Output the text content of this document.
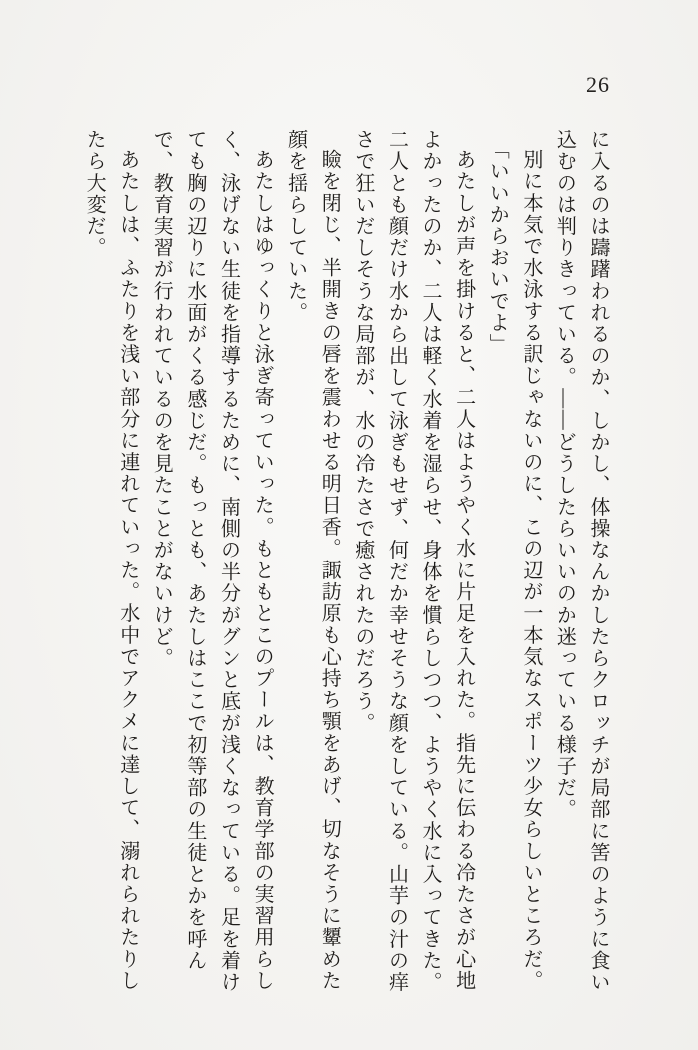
26

に入るのは躊躇われるのか、しかし、体操なんかしたらクロッチが局部に筈のように食い込むのは判りきっている。――どうしたらいいのか迷っている様子だ。

別に本気で水泳する訳じゃないのに、この辺が一本気なスポーツ少女らしいところだ。

「いいからおいでよ」

あたしが声を掛けると、二人はようやく水に片足を入れた。指先に伝わる冷たさが心地よかったのか、二人は軽く水着を湿らせ、身体を慣らしつつ、ようやく水に入ってきた。二人とも顔だけ水から出して泳ぎもせず、何だか幸せそうな顔をしている。山芋の汁の痒さで狂いだしそうな局部が、水の冷たさで癒されたのだろう。

瞼を閉じ、半開きの唇を震わせる明日香。諏訪原も心持ち顎をあげ、切なそうに顰めた顔を揺らしていた。

あたしはゆっくりと泳ぎ寄っていった。もともとこのプールは、教育学部の実習用らしく、泳げない生徒を指導するために、南側の半分がグンと底が浅くなっている。足を着けても胸の辺りに水面がくる感じだ。もっとも、あたしはここで初等部の生徒とかを呼んで、教育実習が行われているのを見たことがないけど。

あたしは、ふたりを浅い部分に連れていった。水中でアクメに達して、溺れられたりしたら大変だ。
